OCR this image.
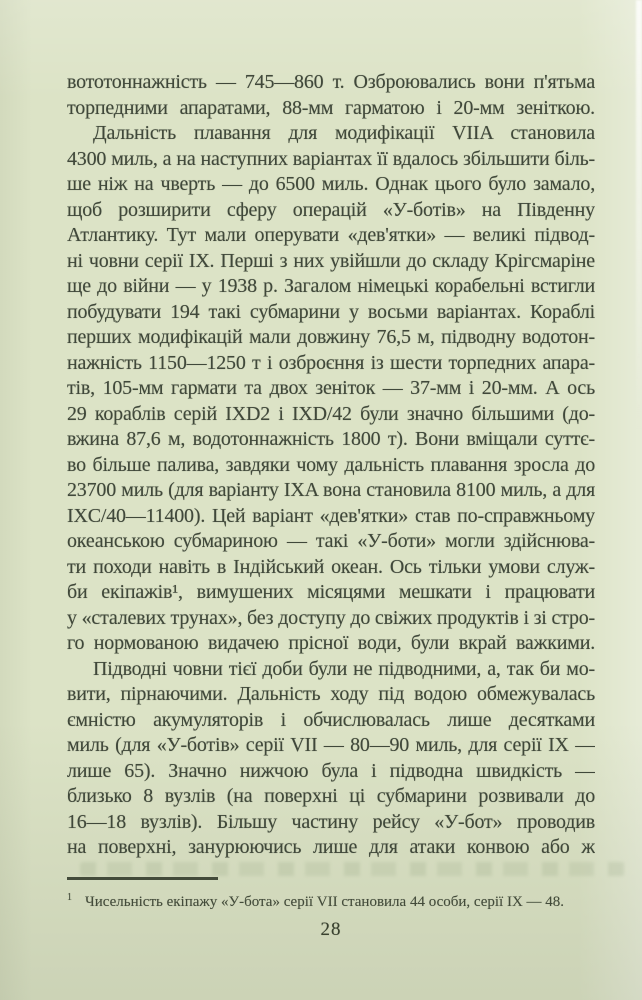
вототоннажність — 745—860 т. Озброювались вони п'ятьма
торпедними апаратами, 88-мм гарматою і 20-мм зеніткою.
Дальність плавання для модифікації VIIA становила
4300 миль, а на наступних варіантах її вдалось збільшити біль-
ше ніж на чверть — до 6500 миль. Однак цього було замало,
щоб розширити сферу операцій «У-ботів» на Південну
Атлантику. Тут мали оперувати «дев'ятки» — великі підвод-
ні човни серії IX. Перші з них увійшли до складу Крігсмаріне
ще до війни — у 1938 р. Загалом німецькі корабельні встигли
побудувати 194 такі субмарини у восьми варіантах. Кораблі
перших модифікацій мали довжину 76,5 м, підводну водотон-
нажність 1150—1250 т і озброєння із шести торпедних апара-
тів, 105-мм гармати та двох зеніток — 37-мм і 20-мм. А ось
29 кораблів серій IXD2 і IXD/42 були значно більшими (до-
вжина 87,6 м, водотоннажність 1800 т). Вони вміщали суттє-
во більше палива, завдяки чому дальність плавання зросла до
23700 миль (для варіанту IXA вона становила 8100 миль, а для
IXC/40—11400). Цей варіант «дев'ятки» став по-справжньому
океанською субмариною — такі «У-боти» могли здійснюва-
ти походи навіть в Індійський океан. Ось тільки умови служ-
би екіпажів¹, вимушених місяцями мешкати і працювати
у «сталевих трунах», без доступу до свіжих продуктів і зі стро-
го нормованою видачею прісної води, були вкрай важкими.
Підводні човни тієї доби були не підводними, а, так би мо-
вити, пірнаючими. Дальність ходу під водою обмежувалась
ємністю акумуляторів і обчислювалась лише десятками
миль (для «У-ботів» серії VII — 80—90 миль, для серії IX —
лише 65). Значно нижчою була і підводна швидкість —
близько 8 вузлів (на поверхні ці субмарини розвивали до
16—18 вузлів). Більшу частину рейсу «У-бот» проводив
на поверхні, занурюючись лише для атаки конвою або ж
$^1$ Чисельність екіпажу «У-бота» серії VII становила 44 особи, серії IX — 48.
28
